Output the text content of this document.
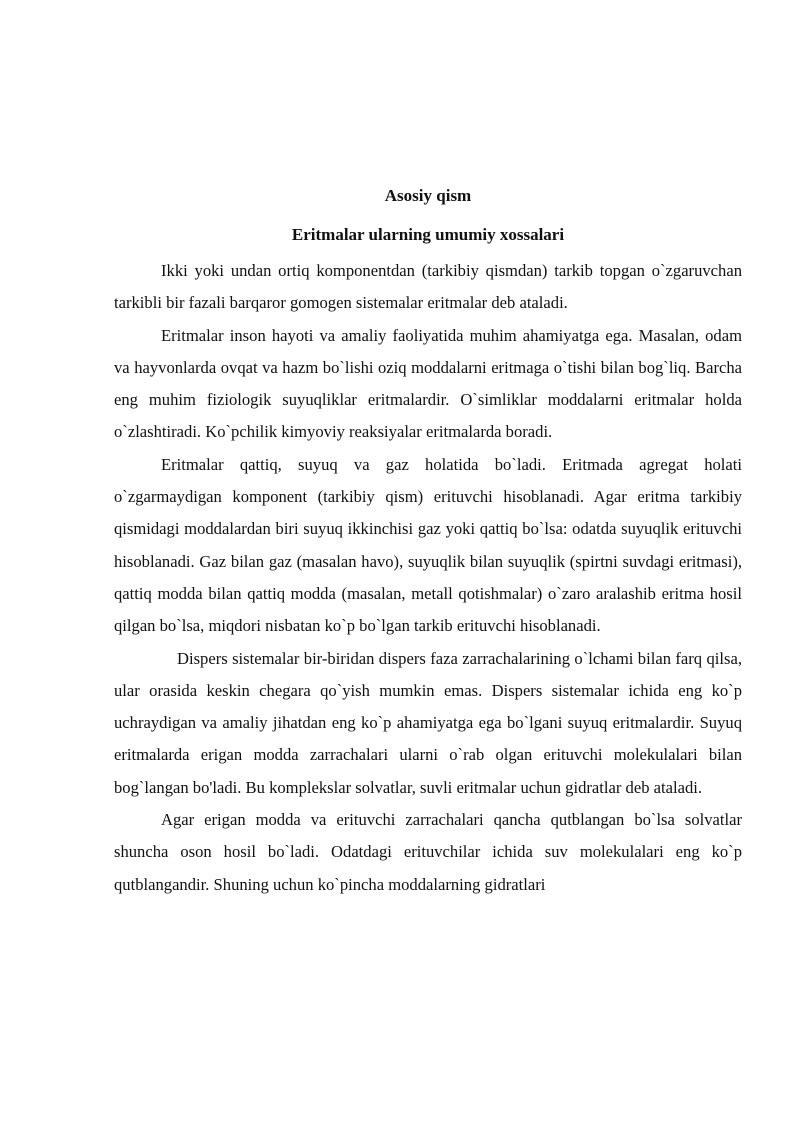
Asosiy qism
Eritmalar ularning umumiy xossalari

Ikki yoki undan ortiq komponentdan (tarkibiy qismdan) tarkib topgan o`zgaruvchan tarkibli bir fazali barqaror gomogen sistemalar eritmalar deb ataladi.

Eritmalar inson hayoti va amaliy faoliyatida muhim ahamiyatga ega. Masalan, odam va hayvonlarda ovqat va hazm bo`lishi oziq moddalarni eritmaga o`tishi bilan bog`liq. Barcha eng muhim fiziologik suyuqliklar eritmalardir. O`simliklar moddalarni eritmalar holda o`zlashtiradi. Ko`pchilik kimyoviy reaksiyalar eritmalarda boradi.

Eritmalar qattiq, suyuq va gaz holatida bo`ladi. Eritmada agregat holati o`zgarmaydigan komponent (tarkibiy qism) erituvchi hisoblanadi. Agar eritma tarkibiy qismidagi moddalardan biri suyuq ikkinchisi gaz yoki qattiq bo`lsa: odatda suyuqlik erituvchi hisoblanadi. Gaz bilan gaz (masalan havo), suyuqlik bilan suyuqlik (spirtni suvdagi eritmasi), qattiq modda bilan qattiq modda (masalan, metall qotishmalar) o`zaro aralashib eritma hosil qilgan bo`lsa, miqdori nisbatan ko`p bo`lgan tarkib erituvchi hisoblanadi.

Dispers sistemalar bir-biridan dispers faza zarrachalarining o`lchami bilan farq qilsa, ular orasida keskin chegara qo`yish mumkin emas. Dispers sistemalar ichida eng ko`p uchraydigan va amaliy jihatdan eng ko`p ahamiyatga ega bo`lgani suyuq eritmalardir. Suyuq eritmalarda erigan modda zarrachalari ularni o`rab olgan erituvchi molekulalari bilan bog`langan bo'ladi. Bu komplekslar solvatlar, suvli eritmalar uchun gidratlar deb ataladi.

Agar erigan modda va erituvchi zarrachalari qancha qutblangan bo`lsa solvatlar shuncha oson hosil bo`ladi. Odatdagi erituvchilar ichida suv molekulalari eng ko`p qutblangandir. Shuning uchun ko`pincha moddalarning gidratlari
